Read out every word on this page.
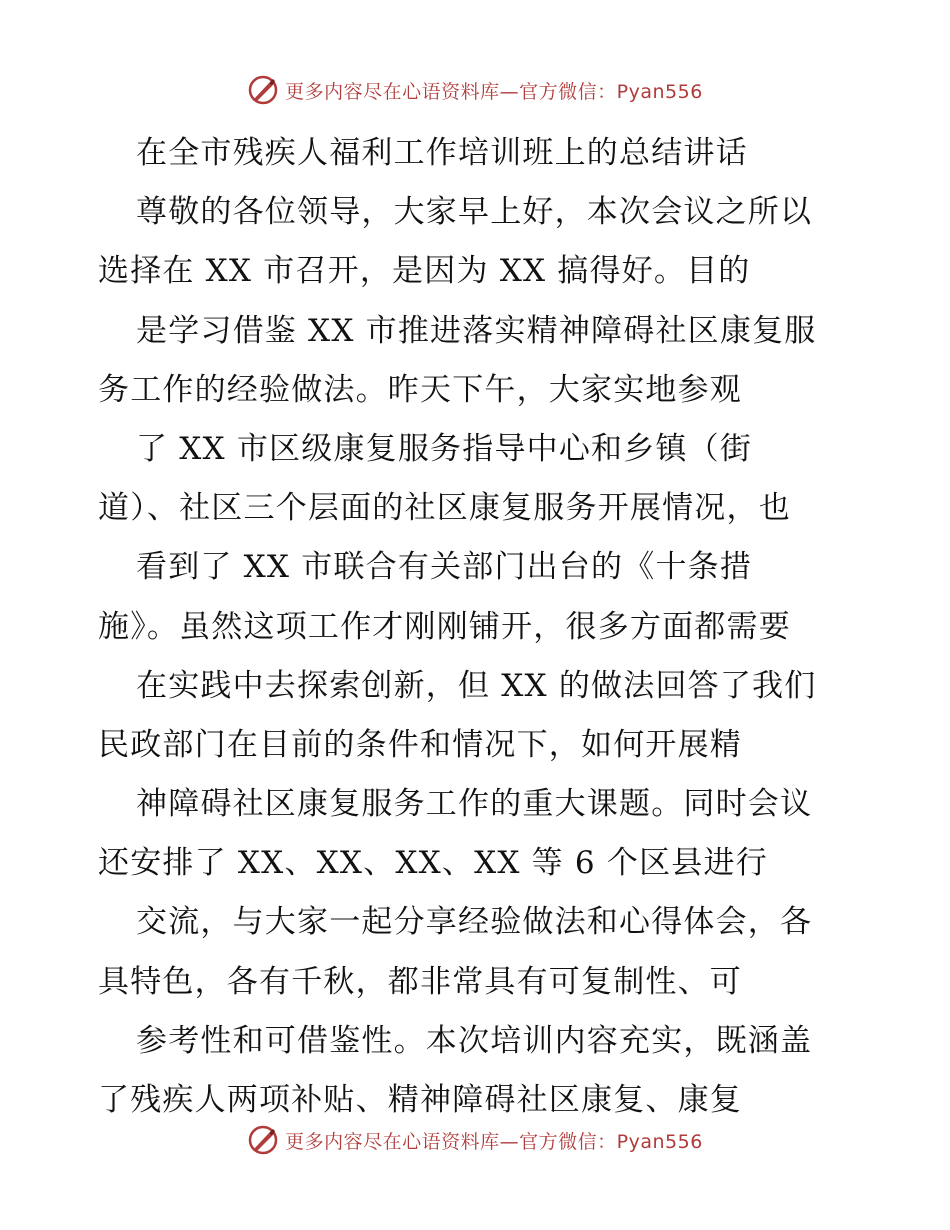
更多内容尽在心语资料库—官方微信：Pyan556
在全市残疾人福利工作培训班上的总结讲话
尊敬的各位领导，大家早上好，本次会议之所以
选择在 XX 市召开，是因为 XX 搞得好。目的
是学习借鉴 XX 市推进落实精神障碍社区康复服
务工作的经验做法。昨天下午，大家实地参观
了 XX 市区级康复服务指导中心和乡镇（街
道）、社区三个层面的社区康复服务开展情况，也
看到了 XX 市联合有关部门出台的《十条措
施》。虽然这项工作才刚刚铺开，很多方面都需要
在实践中去探索创新，但 XX 的做法回答了我们
民政部门在目前的条件和情况下，如何开展精
神障碍社区康复服务工作的重大课题。同时会议
还安排了 XX、XX、XX、XX 等 6 个区县进行
交流，与大家一起分享经验做法和心得体会，各
具特色，各有千秋，都非常具有可复制性、可
参考性和可借鉴性。本次培训内容充实，既涵盖
了残疾人两项补贴、精神障碍社区康复、康复
更多内容尽在心语资料库—官方微信：Pyan556
